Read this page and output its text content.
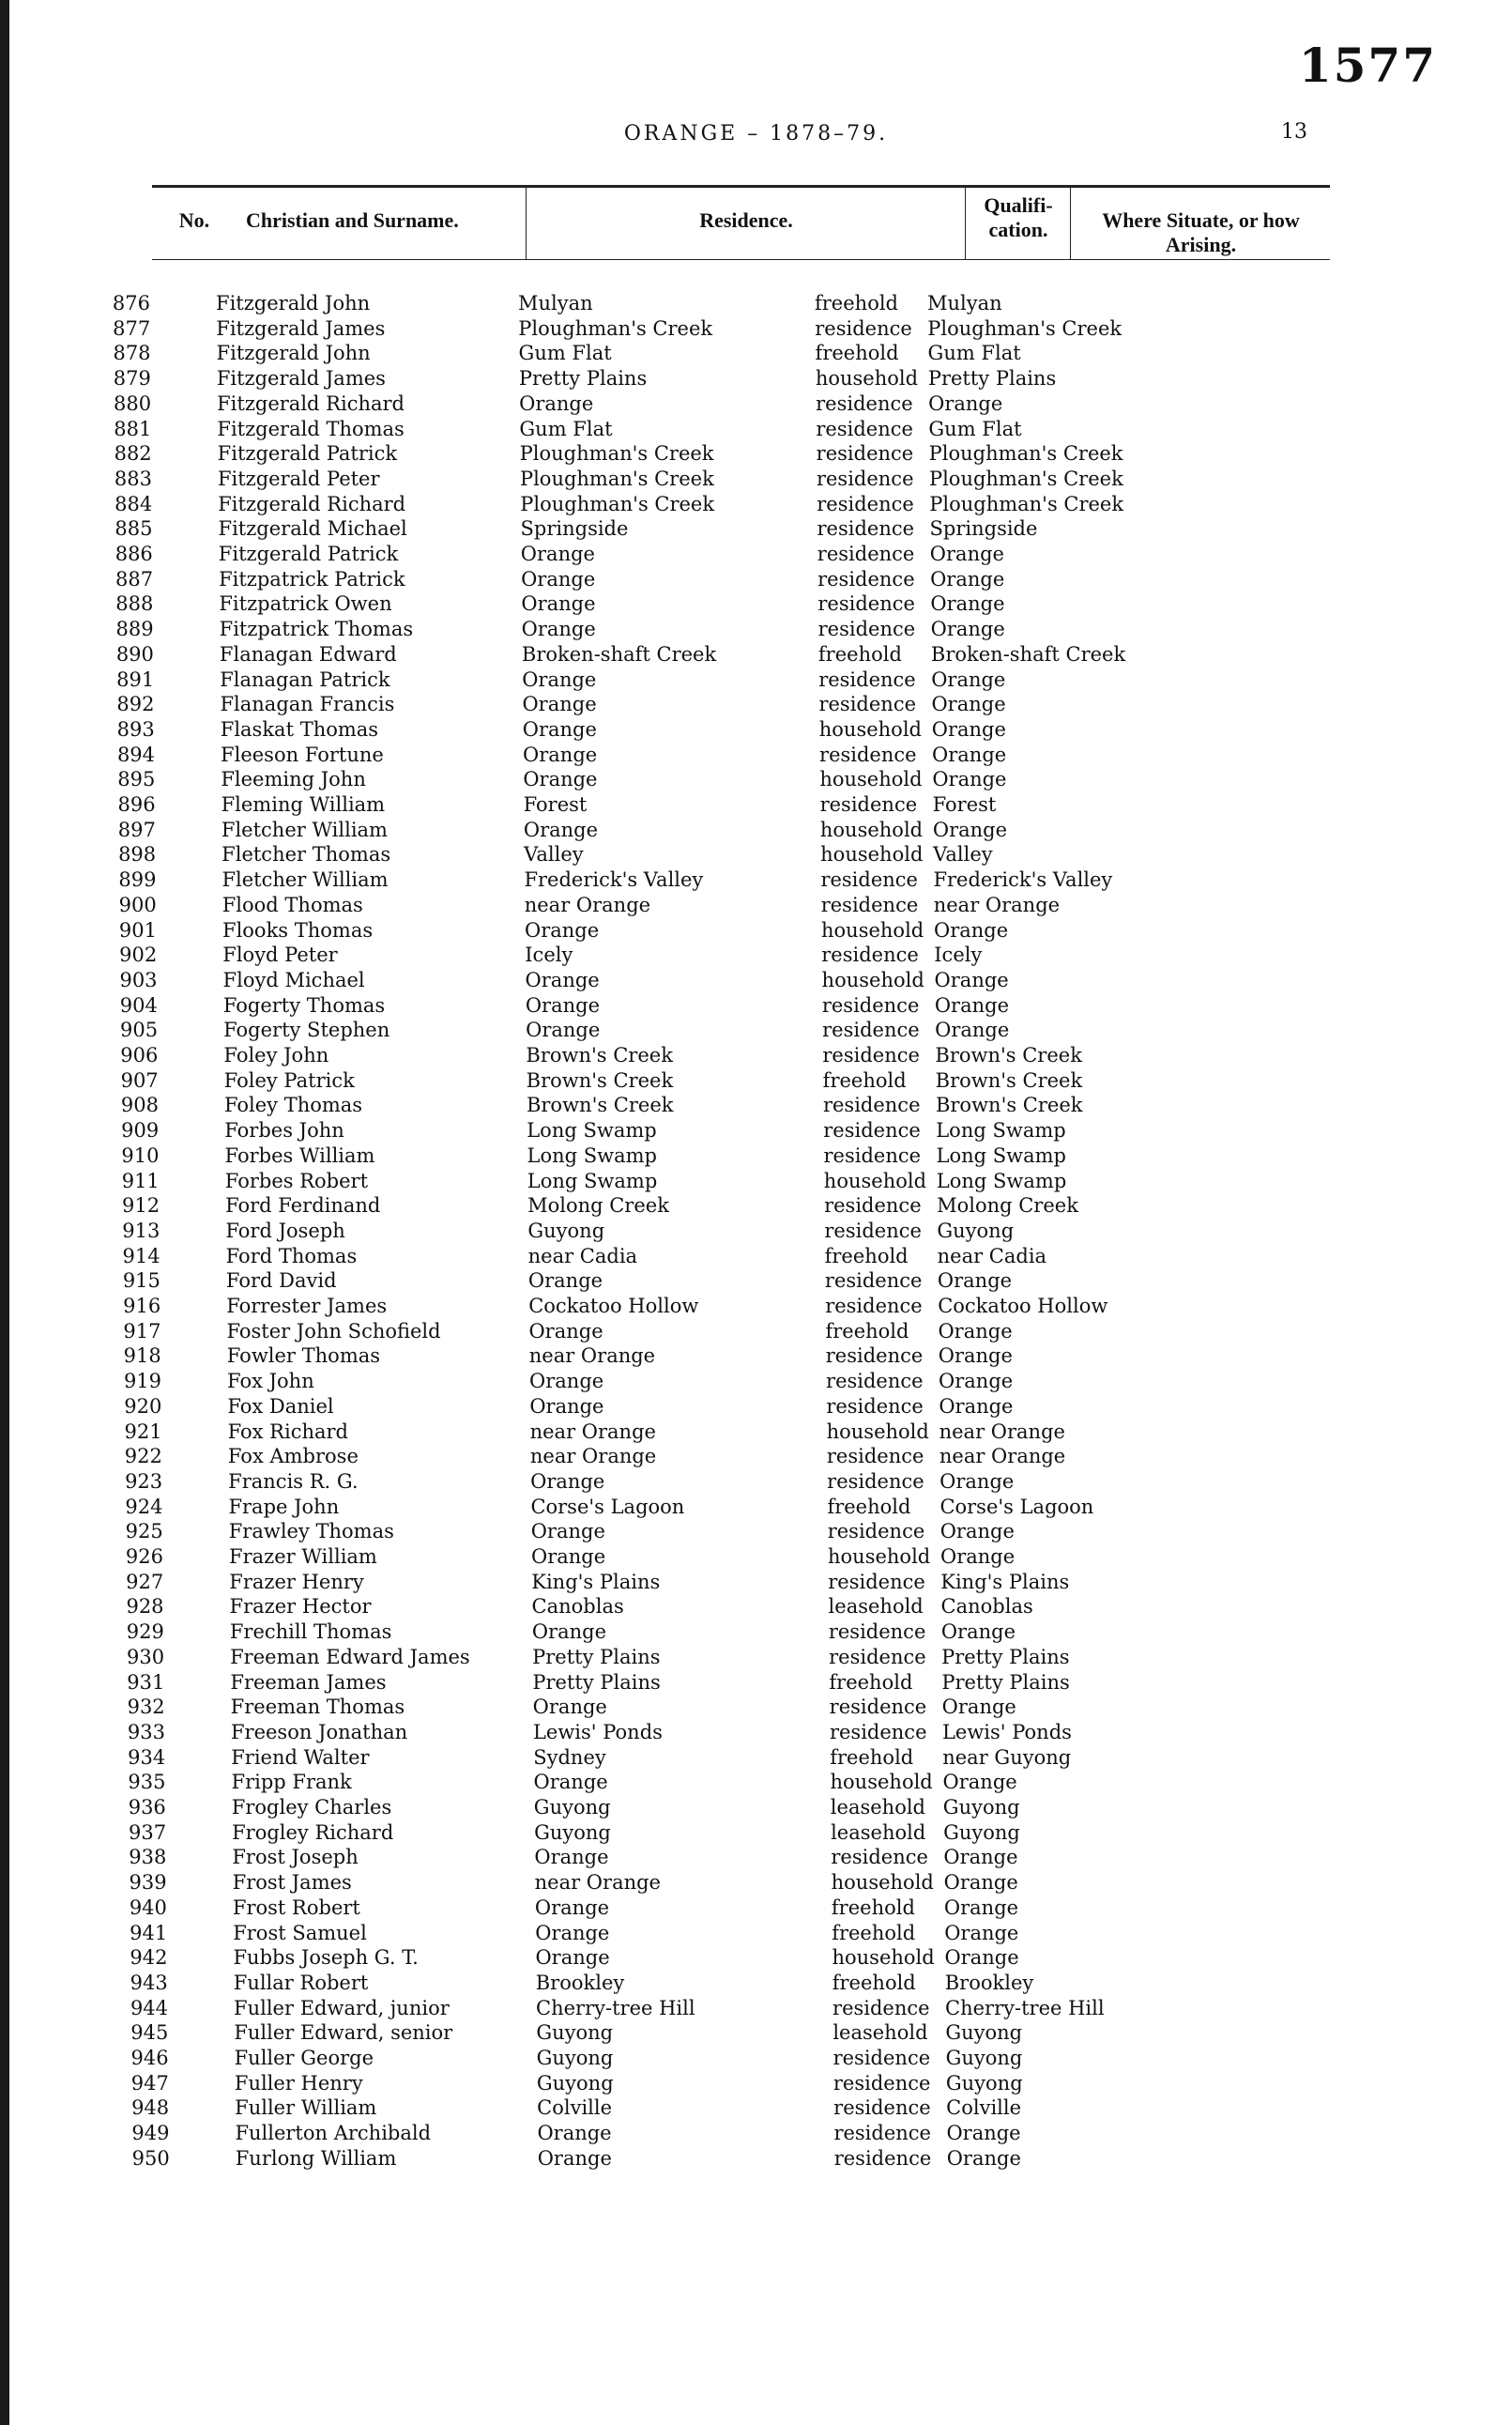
1577
ORANGE – 1878–79.	13
No.	Christian and Surname.	Residence.
Qualifi-
cation.	Where Situate, or how Arising.
876	Fitzgerald John	Mulyan	freehold Mulyan
877	Fitzgerald James	Ploughman's Creek	residence Ploughman's Creek
878	Fitzgerald John	Gum Flat	freehold Gum Flat
879	Fitzgerald James	Pretty Plains	household Pretty Plains
880	Fitzgerald Richard	Orange	residence Orange
881	Fitzgerald Thomas	Gum Flat	residence Gum Flat
882	Fitzgerald Patrick	Ploughman's Creek	residence Ploughman's Creek
883	Fitzgerald Peter	Ploughman's Creek	residence Ploughman's Creek
884	Fitzgerald Richard	Ploughman's Creek	residence Ploughman's Creek
885	Fitzgerald Michael	Springside	residence Springside
886	Fitzgerald Patrick	Orange	residence Orange
887	Fitzpatrick Patrick	Orange	residence Orange
888	Fitzpatrick Owen	Orange	residence Orange
889	Fitzpatrick Thomas	Orange	residence Orange
890	Flanagan Edward	Broken-shaft Creek	freehold Broken-shaft Creek
891	Flanagan Patrick	Orange	residence Orange
892	Flanagan Francis	Orange	residence Orange
893	Flaskat Thomas	Orange	household Orange
894	Fleeson Fortune	Orange	residence Orange
895	Fleeming John	Orange	household Orange
896	Fleming William	Forest	residence Forest
897	Fletcher William	Orange	household Orange
898	Fletcher Thomas	Valley	household Valley
899	Fletcher William	Frederick's Valley	residence Frederick's Valley
900	Flood Thomas	near Orange	residence near Orange
901	Flooks Thomas	Orange	household Orange
902	Floyd Peter	Icely	residence Icely
903	Floyd Michael	Orange	household Orange
904	Fogerty Thomas	Orange	residence Orange
905	Fogerty Stephen	Orange	residence Orange
906	Foley John	Brown's Creek	residence Brown's Creek
907	Foley Patrick	Brown's Creek	freehold Brown's Creek
908	Foley Thomas	Brown's Creek	residence Brown's Creek
909	Forbes John	Long Swamp	residence Long Swamp
910	Forbes William	Long Swamp	residence Long Swamp
911	Forbes Robert	Long Swamp	household Long Swamp
912	Ford Ferdinand	Molong Creek	residence Molong Creek
913	Ford Joseph	Guyong	residence Guyong
914	Ford Thomas	near Cadia	freehold near Cadia
915	Ford David	Orange	residence Orange
916	Forrester James	Cockatoo Hollow	residence Cockatoo Hollow
917	Foster John Schofield	Orange	freehold Orange
918	Fowler Thomas	near Orange	residence Orange
919	Fox John	Orange	residence Orange
920	Fox Daniel	Orange	residence Orange
921	Fox Richard	near Orange	household near Orange
922	Fox Ambrose	near Orange	residence near Orange
923	Francis R. G.	Orange	residence Orange
924	Frape John	Corse's Lagoon	freehold Corse's Lagoon
925	Frawley Thomas	Orange	residence Orange
926	Frazer William	Orange	household Orange
927	Frazer Henry	King's Plains	residence King's Plains
928	Frazer Hector	Canoblas	leasehold Canoblas
929	Frechill Thomas	Orange	residence Orange
930	Freeman Edward James	Pretty Plains	residence Pretty Plains
931	Freeman James	Pretty Plains	freehold Pretty Plains
932	Freeman Thomas	Orange	residence Orange
933	Freeson Jonathan	Lewis' Ponds	residence Lewis' Ponds
934	Friend Walter	Sydney	freehold near Guyong
935	Fripp Frank	Orange	household Orange
936	Frogley Charles	Guyong	leasehold Guyong
937	Frogley Richard	Guyong	leasehold Guyong
938	Frost Joseph	Orange	residence Orange
939	Frost James	near Orange	household Orange
940	Frost Robert	Orange	freehold Orange
941	Frost Samuel	Orange	freehold Orange
942	Fubbs Joseph G. T.	Orange	household Orange
943	Fullar Robert	Brookley	freehold Brookley
944	Fuller Edward, junior	Cherry-tree Hill	residence Cherry-tree Hill
945	Fuller Edward, senior	Guyong	leasehold Guyong
946	Fuller George	Guyong	residence Guyong
947	Fuller Henry	Guyong	residence Guyong
948	Fuller William	Colville	residence Colville
949	Fullerton Archibald	Orange	residence Orange
950	Furlong William	Orange	residence Orange
